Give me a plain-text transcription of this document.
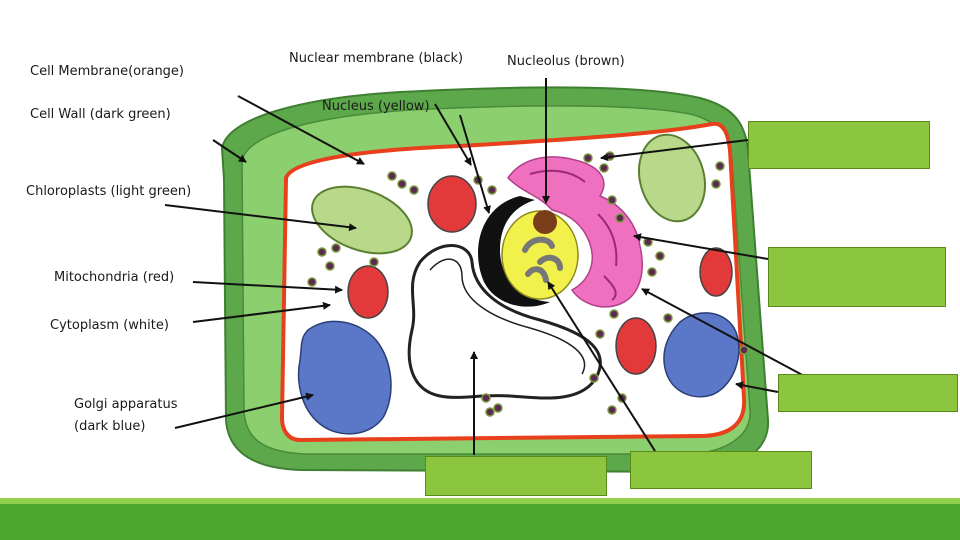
Cell Membrane(orange)
Cell Wall (dark green)
Chloroplasts (light green)
Mitochondria (red)
Cytoplasm (white)
Golgi apparatus
(dark blue)
Nuclear membrane (black)
Nucleus (yellow)
Nucleolus (brown)
